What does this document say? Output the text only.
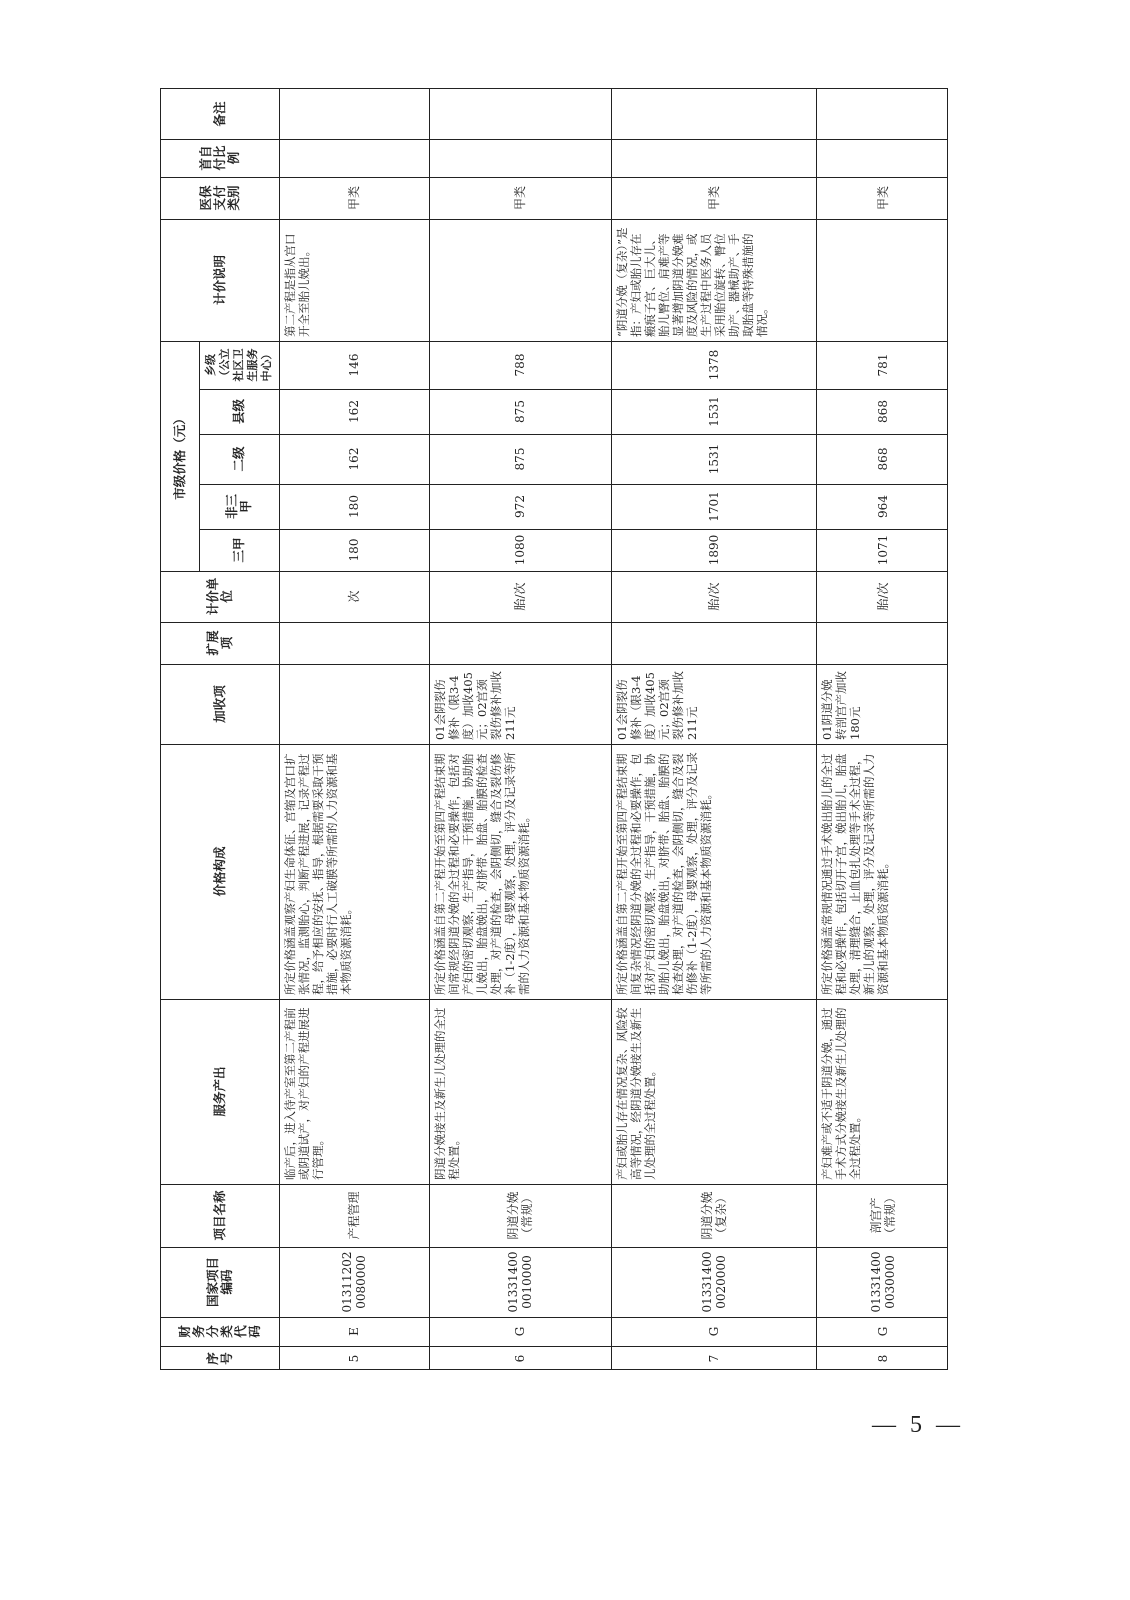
备注
首自付比例
医保支付类别
计价说明
乡级（公立社区卫生服务中心）
县级
二级
非三甲
三甲
计价单位
扩展项
加收项
价格构成
服务产出
项目名称
国家项目编码
财务分类代码
序号
市级价格（元）
甲类
第二产程是指从宫口开全至胎儿娩出。
146
162
162
180
180
次
所定价格涵盖观察产妇生命体征、宫缩及宫口扩张情况，监测胎心，判断产程进展，记录产程过程，给予相应的安抚、指导，根据需要采取干预措施，必要时行人工破膜等所需的人力资源和基本物质资源消耗。
临产后，进入待产室至第二产程前或阴道试产，对产妇的产程进展进行管理。
产程管理
013112020080000
E
5
甲类
788
875
875
972
1080
胎/次
01会阴裂伤修补（限3-4度）加收405元；02宫颈裂伤修补加收211元
所定价格涵盖自第二产程开始至第四产程结束期间常规经阴道分娩的全过程和必要操作，包括对产妇的密切观察，生产指导，干预措施，协助胎儿娩出，胎盘娩出，对脐带、胎盘、胎膜的检查处理，对产道的检查，会阴侧切，缝合及裂伤修补（1-2度），母婴观察，处理，评分及记录等所需的人力资源和基本物质资源消耗。
阴道分娩接生及新生儿处理的全过程处置。
阴道分娩（常规）
013314000010000
G
6
甲类
“阴道分娩（复杂）”是指：产妇或胎儿存在瘢痕子宫、巨大儿、胎儿臀位、肩难产等显著增加阴道分娩难度及风险的情况，或生产过程中医务人员采用胎位旋转、臀位助产、器械助产、手取胎盘等特殊措施的情况。
1378
1531
1531
1701
1890
胎/次
01会阴裂伤修补（限3-4度）加收405元；02宫颈裂伤修补加收211元
所定价格涵盖自第二产程开始至第四产程结束期间复杂情况经阴道分娩的全过程和必要操作，包括对产妇的密切观察，生产指导，干预措施，协助胎儿娩出，胎盘娩出，对脐带、胎盘、胎膜的检查处理，对产道的检查，会阴侧切，缝合及裂伤修补（1-2度），母婴观察，处理，评分及记录等所需的人力资源和基本物质资源消耗。
产妇或胎儿存在情况复杂、风险较高等情况，经阴道分娩接生及新生儿处理的全过程处置。
阴道分娩（复杂）
013314000020000
G
7
甲类
781
868
868
964
1071
胎/次
01阴道分娩转剖宫产加收180元
所定价格涵盖常规情况通过手术娩出胎儿的全过程和必要操作，包括切开子宫，娩出胎儿，胎盘处理，清理缝合，止血包扎处理等手术全过程，新生儿的观察，处理，评分及记录等所需的人力资源和基本物质资源消耗。
产妇难产或不适于阴道分娩，通过手术方式分娩接生及新生儿处理的全过程处置。
剖宫产（常规）
013314000030000
G
8
— 5 —
